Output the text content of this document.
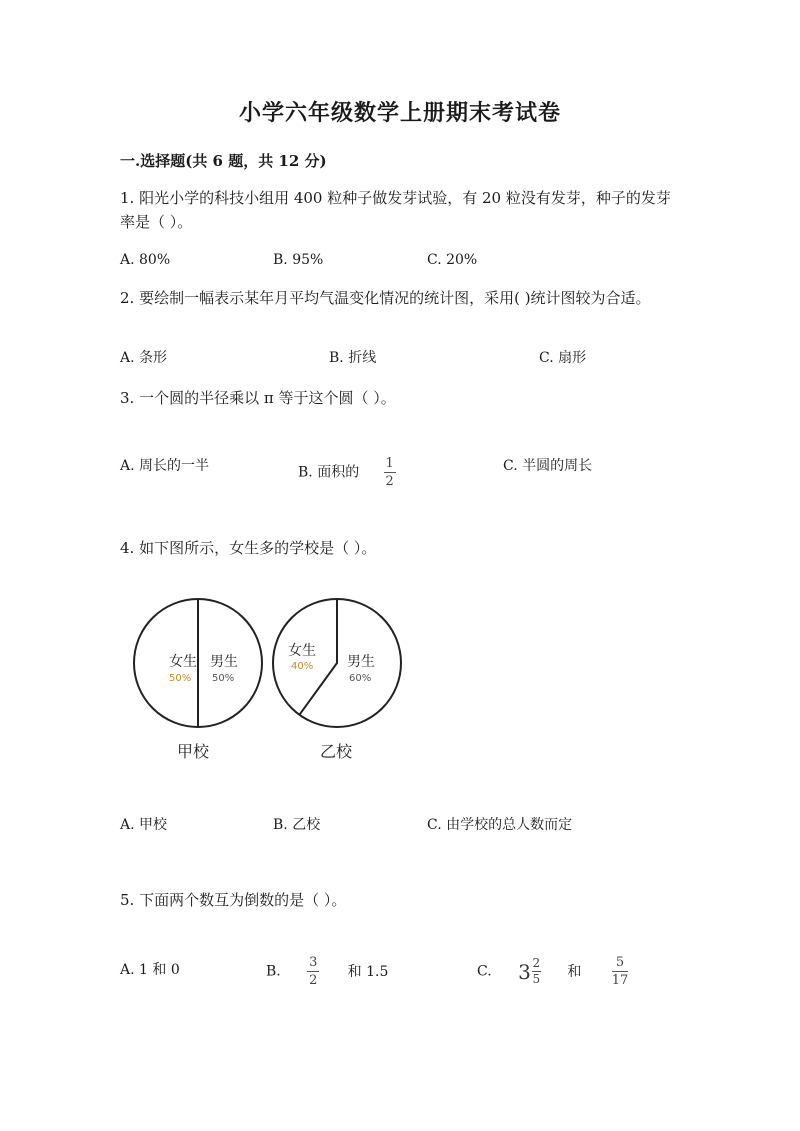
小学六年级数学上册期末考试卷
一.选择题(共 6 题，共 12 分)
1. 阳光小学的科技小组用 400 粒种子做发芽试验，有 20 粒没有发芽，种子的发芽率是（ ）。
A. 80%	B. 95%	C. 20%
2. 要绘制一幅表示某年月平均气温变化情况的统计图，采用( )统计图较为合适。
A. 条形	B. 折线	C. 扇形
3. 一个圆的半径乘以 π 等于这个圆（ ）。
A. 周长的一半	B. 面积的 $\frac{1}{2}$	C. 半圆的周长
4. 如下图所示，女生多的学校是（ ）。
女生
50%
男生
50%
甲校
女生
40% 男生
60%
乙校
A. 甲校	B. 乙校	C. 由学校的总人数而定
5. 下面两个数互为倒数的是（ ）。
A. 1 和 0	B. $\frac{3}{2}$ 和 1.5	C. $3 \frac{2}{5}$ 和 $\frac{5}{17}$
